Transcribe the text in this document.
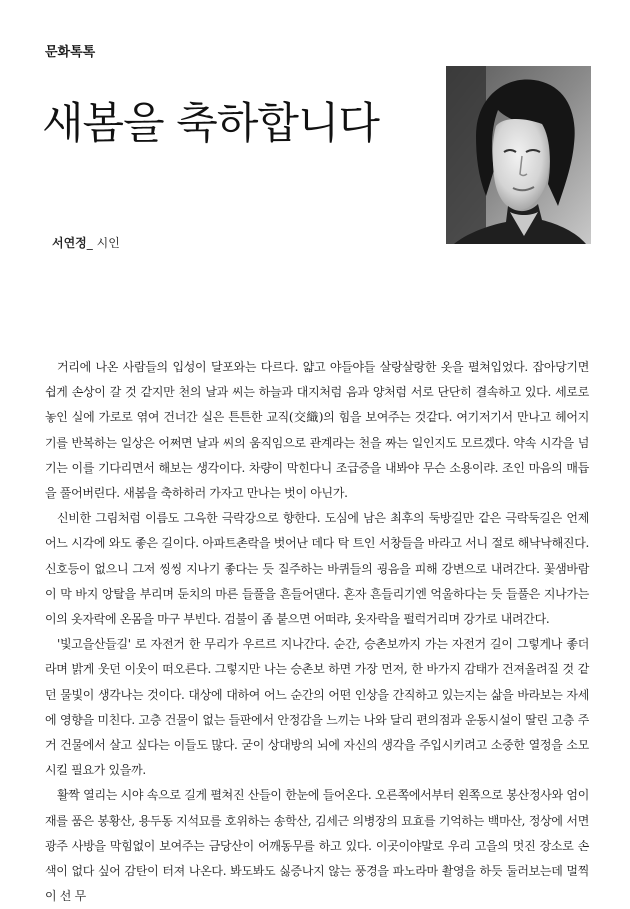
문화톡톡
새봄을 축하합니다
서연정_ 시인

거리에 나온 사람들의 입성이 달포와는 다르다. 얇고 야들야들 살랑살랑한 옷을 펼쳐입었다. 잡아당기면 쉽게 손상이 갈 것 같지만 천의 날과 씨는 하늘과 대지처럼 음과 양처럼 서로 단단히 결속하고 있다. 세로로 놓인 실에 가로로 엮여 건너간 실은 튼튼한 교직(交織)의 힘을 보여주는 것같다. 여기저기서 만나고 헤어지기를 반복하는 일상은 어쩌면 날과 씨의 움직임으로 관계라는 천을 짜는 일인지도 모르겠다. 약속 시각을 넘기는 이를 기다리면서 해보는 생각이다. 차량이 막힌다니 조급증을 내봐야 무슨 소용이랴. 조인 마음의 매듭을 풀어버린다. 새봄을 축하하러 가자고 만나는 벗이 아닌가.

신비한 그림처럼 이름도 그윽한 극락강으로 향한다. 도심에 남은 최후의 둑방길만 같은 극락둑길은 언제 어느 시각에 와도 좋은 길이다. 아파트촌락을 벗어난 데다 탁 트인 서창들을 바라고 서니 절로 해낙낙해진다. 신호등이 없으니 그저 씽씽 지나기 좋다는 듯 질주하는 바퀴들의 굉음을 피해 강변으로 내려간다. 꽃샘바람이 막 바지 앙탈을 부리며 둔치의 마른 들풀을 흔들어댄다. 혼자 흔들리기엔 억울하다는 듯 들풀은 지나가는 이의 옷자락에 온몸을 마구 부빈다. 검불이 좀 붙으면 어떠랴, 옷자락을 펄럭거리며 강가로 내려간다.

'빛고을산들길' 로 자전거 한 무리가 우르르 지나간다. 순간, 승촌보까지 가는 자전거 길이 그렇게나 좋더라며 밝게 웃던 이웃이 떠오른다. 그렇지만 나는 승촌보 하면 가장 먼저, 한 바가지 감태가 건져올려질 것 같던 물빛이 생각나는 것이다. 대상에 대하여 어느 순간의 어떤 인상을 간직하고 있는지는 삶을 바라보는 자세에 영향을 미친다. 고층 건물이 없는 들판에서 안정감을 느끼는 나와 달리 편의점과 운동시설이 딸린 고층 주거 건물에서 살고 싶다는 이들도 많다. 굳이 상대방의 뇌에 자신의 생각을 주입시키려고 소중한 열정을 소모시킬 필요가 있을까.

활짝 열리는 시야 속으로 길게 펼쳐진 산들이 한눈에 들어온다. 오른쪽에서부터 왼쪽으로 봉산정사와 엄이재를 품은 봉황산, 용두동 지석묘를 호위하는 송학산, 김세근 의병장의 묘효를 기억하는 백마산, 정상에 서면 광주 사방을 막힘없이 보여주는 금당산이 어깨동무를 하고 있다. 이곳이야말로 우리 고을의 멋진 장소로 손색이 없다 싶어 감탄이 터져 나온다. 봐도봐도 싫증나지 않는 풍경을 파노라마 촬영을 하듯 둘러보는데 멀찍이 선 무
